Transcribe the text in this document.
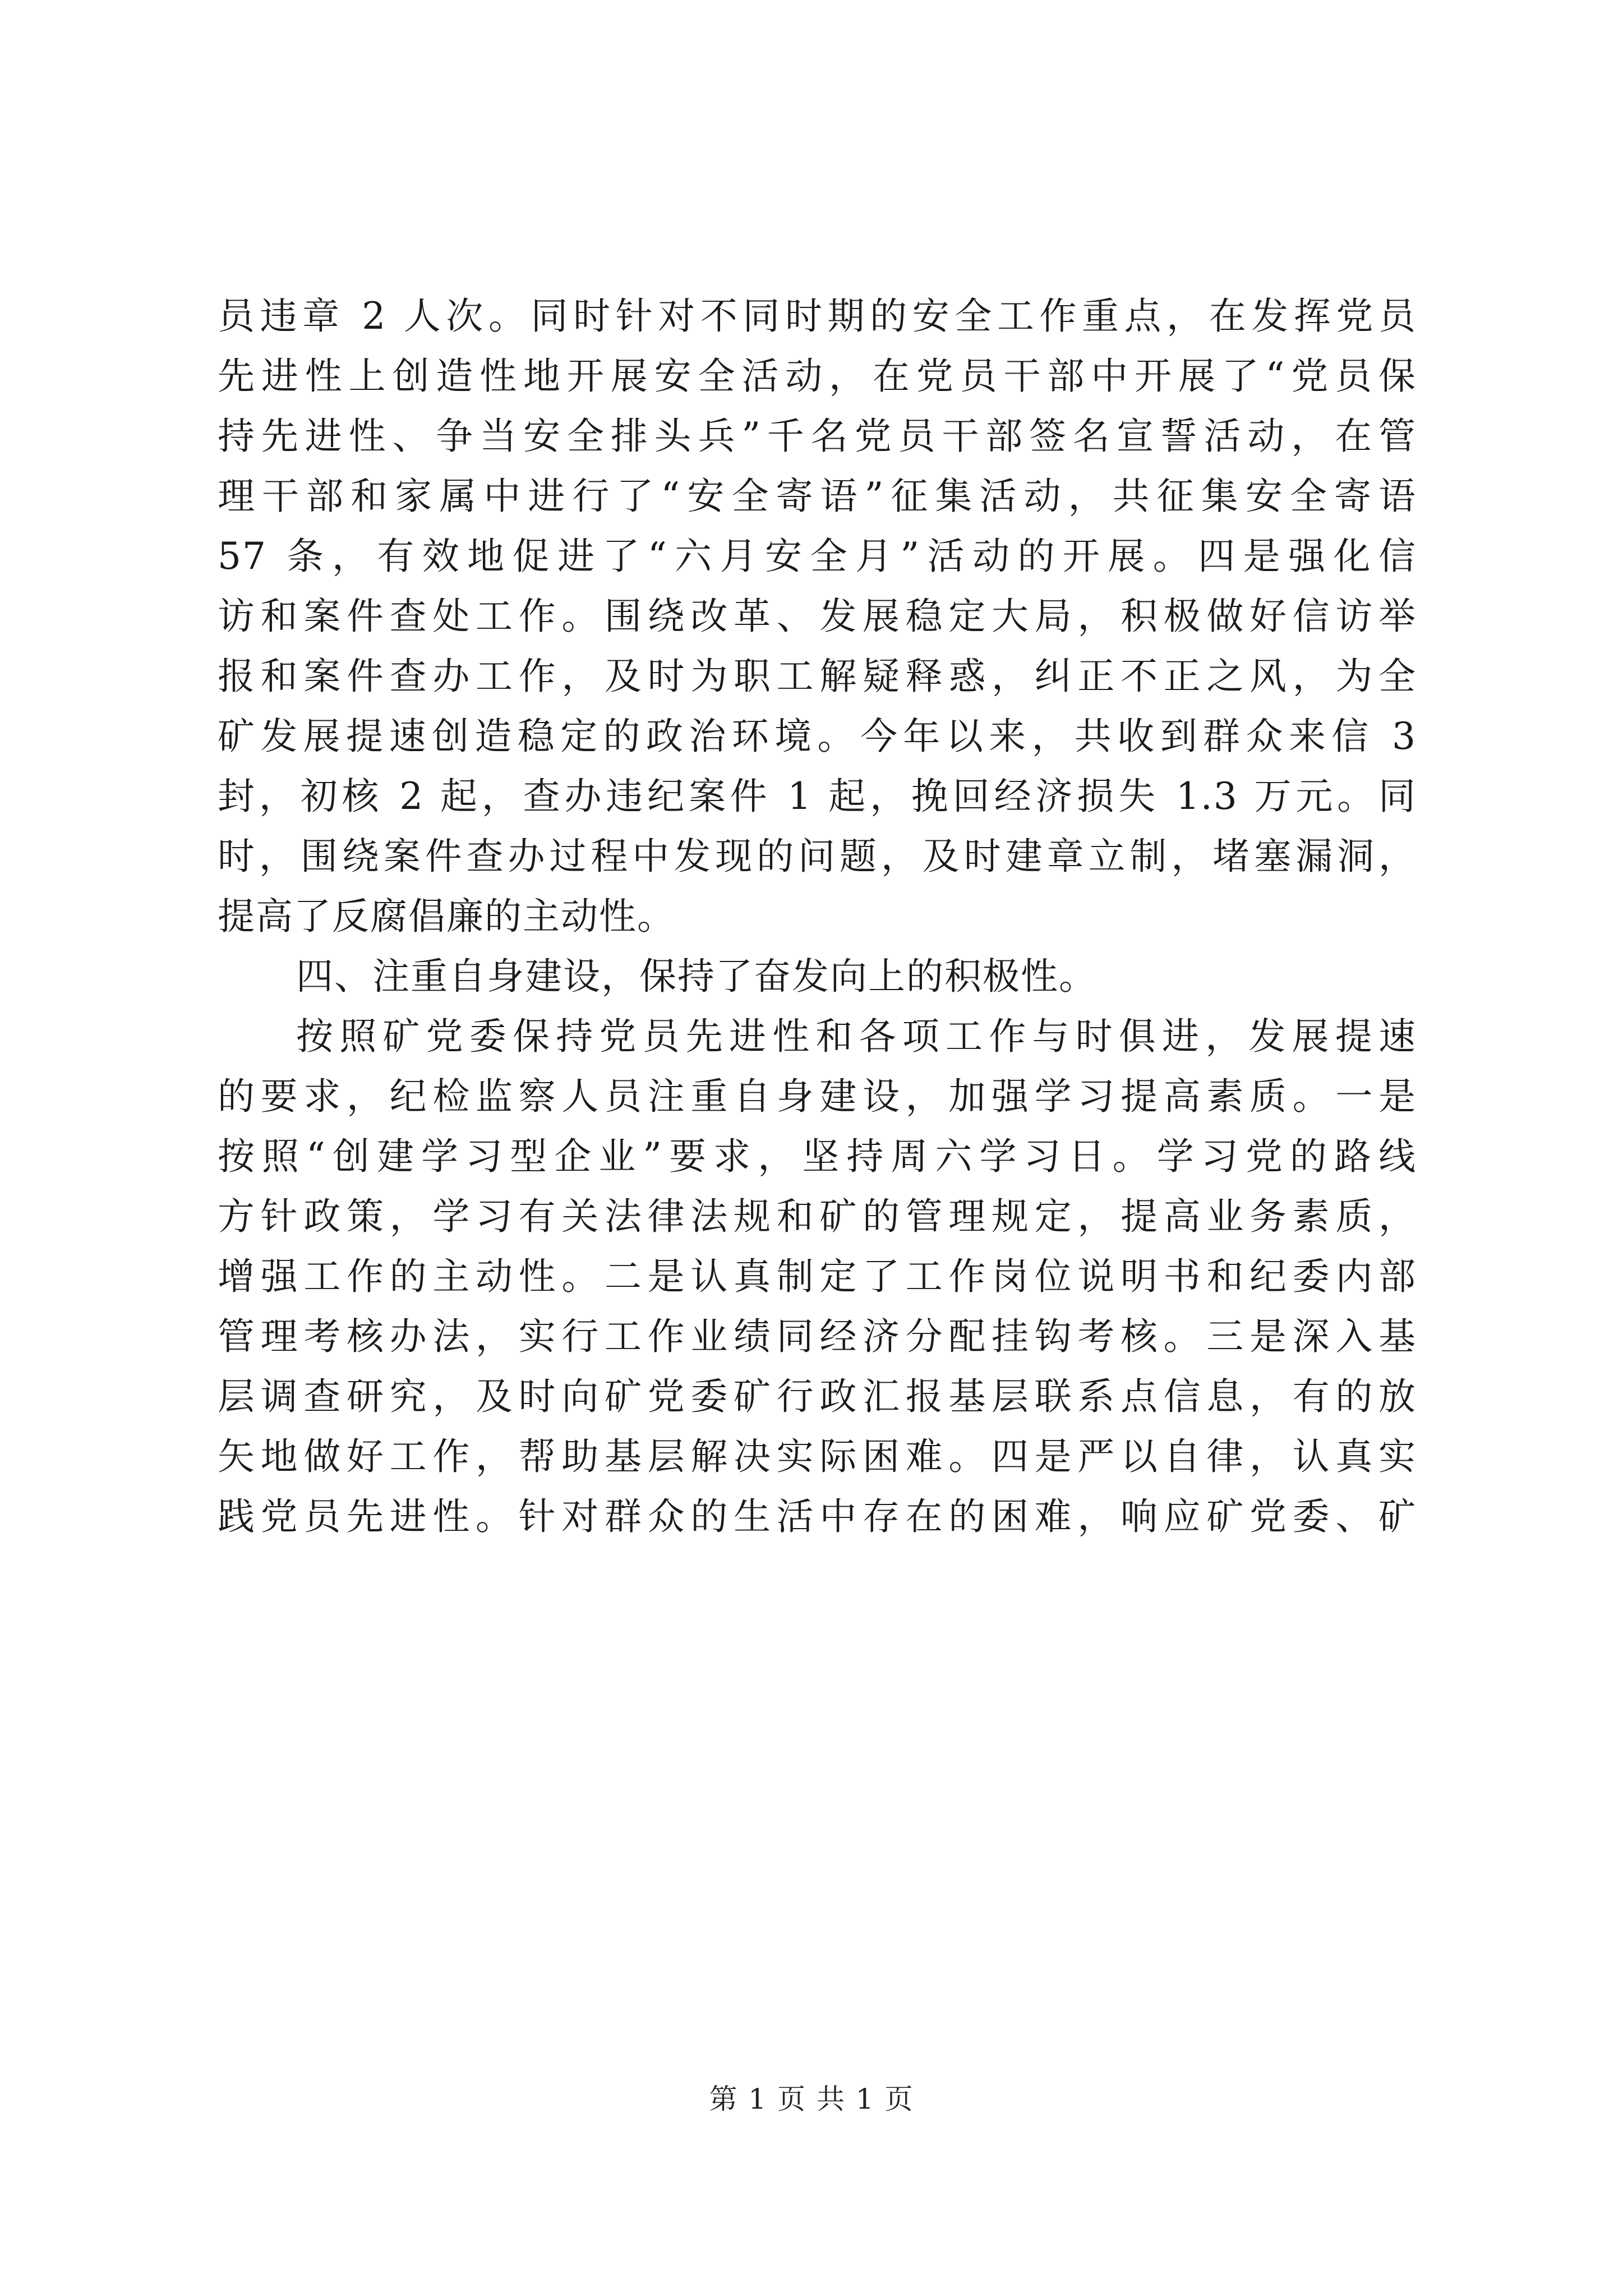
员违章 2 人次。同时针对不同时期的安全工作重点，在发挥党员
先进性上创造性地开展安全活动，在党员干部中开展了“党员保
持先进性、争当安全排头兵”千名党员干部签名宣誓活动，在管
理干部和家属中进行了“安全寄语”征集活动，共征集安全寄语
57 条，有效地促进了“六月安全月”活动的开展。四是强化信
访和案件查处工作。围绕改革、发展稳定大局，积极做好信访举
报和案件查办工作，及时为职工解疑释惑，纠正不正之风，为全
矿发展提速创造稳定的政治环境。今年以来，共收到群众来信 3
封，初核 2 起，查办违纪案件 1 起，挽回经济损失 1.3 万元。同
时，围绕案件查办过程中发现的问题，及时建章立制，堵塞漏洞，
提高了反腐倡廉的主动性。
四、注重自身建设，保持了奋发向上的积极性。
按照矿党委保持党员先进性和各项工作与时俱进，发展提速
的要求，纪检监察人员注重自身建设，加强学习提高素质。一是
按照“创建学习型企业”要求，坚持周六学习日。学习党的路线
方针政策，学习有关法律法规和矿的管理规定，提高业务素质，
增强工作的主动性。二是认真制定了工作岗位说明书和纪委内部
管理考核办法，实行工作业绩同经济分配挂钩考核。三是深入基
层调查研究，及时向矿党委矿行政汇报基层联系点信息，有的放
矢地做好工作，帮助基层解决实际困难。四是严以自律，认真实
践党员先进性。针对群众的生活中存在的困难，响应矿党委、矿
第 1 页 共 1 页
